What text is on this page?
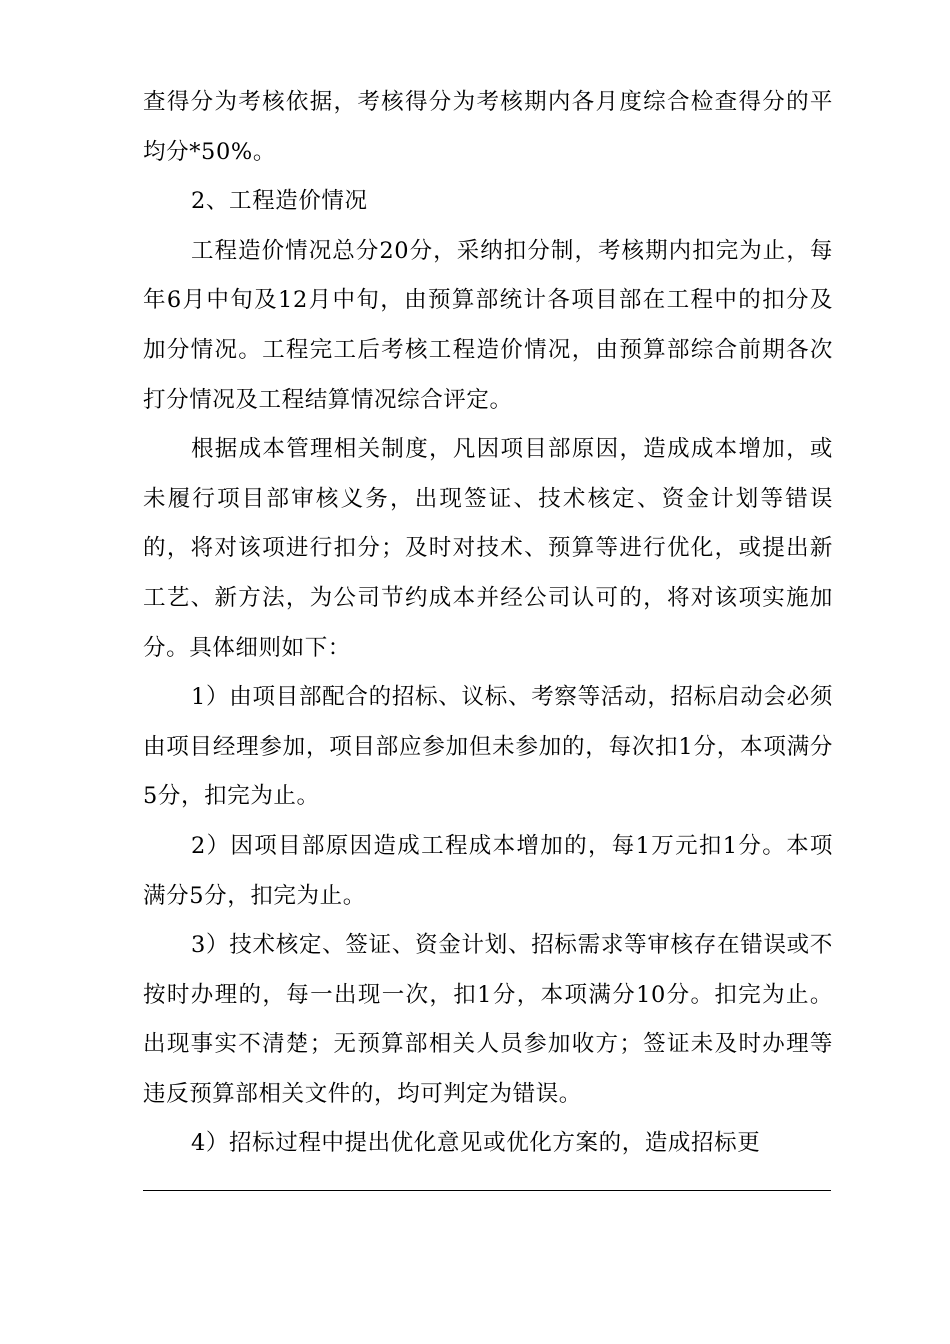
查得分为考核依据，考核得分为考核期内各月度综合检查得分的平均分*50%。

2、工程造价情况

工程造价情况总分20分，采纳扣分制，考核期内扣完为止，每年6月中旬及12月中旬，由预算部统计各项目部在工程中的扣分及加分情况。工程完工后考核工程造价情况，由预算部综合前期各次打分情况及工程结算情况综合评定。

根据成本管理相关制度，凡因项目部原因，造成成本增加，或未履行项目部审核义务，出现签证、技术核定、资金计划等错误的，将对该项进行扣分；及时对技术、预算等进行优化，或提出新工艺、新方法，为公司节约成本并经公司认可的，将对该项实施加分。具体细则如下：

1）由项目部配合的招标、议标、考察等活动，招标启动会必须由项目经理参加，项目部应参加但未参加的，每次扣1分，本项满分5分，扣完为止。

2）因项目部原因造成工程成本增加的，每1万元扣1分。本项满分5分，扣完为止。

3）技术核定、签证、资金计划、招标需求等审核存在错误或不按时办理的，每一出现一次，扣1分，本项满分10分。扣完为止。出现事实不清楚；无预算部相关人员参加收方；签证未及时办理等违反预算部相关文件的，均可判定为错误。

4）招标过程中提出优化意见或优化方案的，造成招标更
